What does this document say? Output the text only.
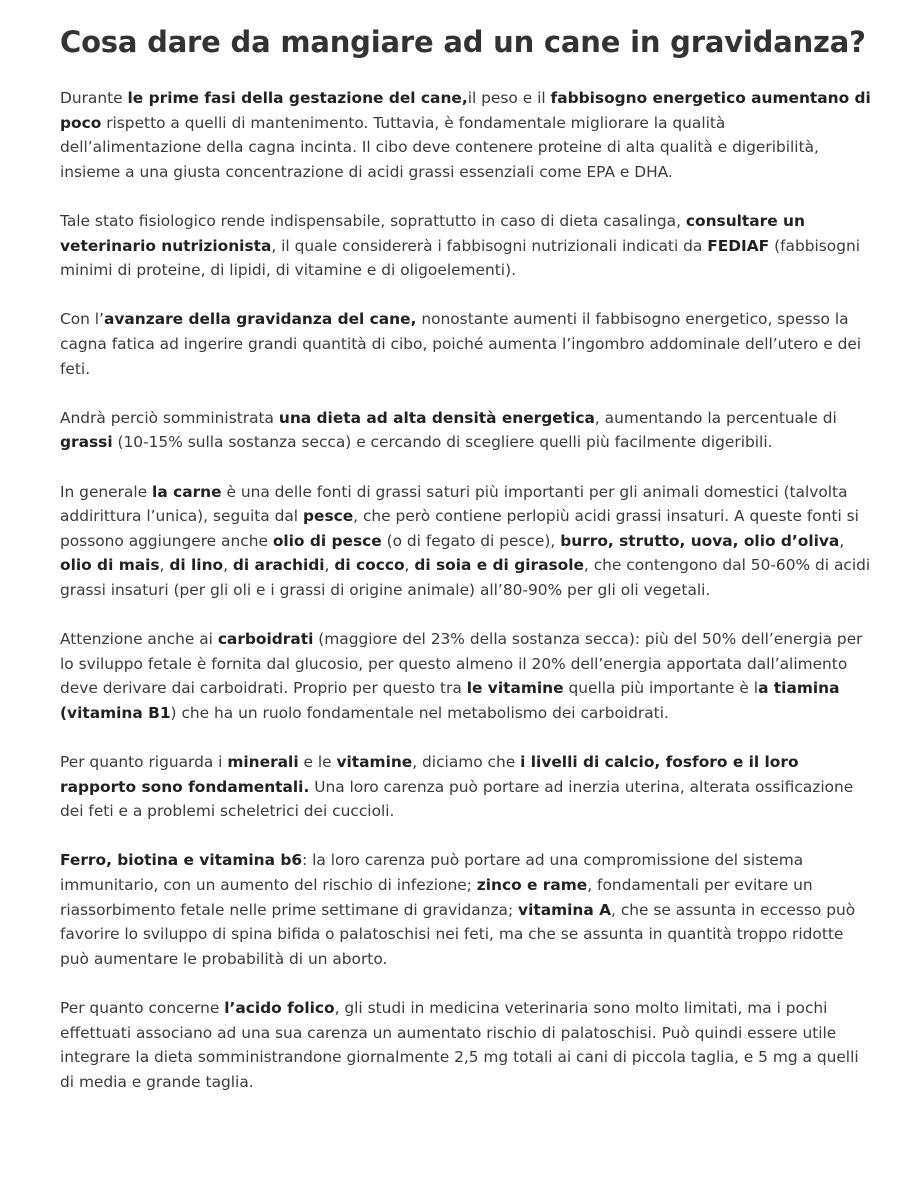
Cosa dare da mangiare ad un cane in gravidanza?

Durante le prime fasi della gestazione del cane,il peso e il fabbisogno energetico aumentano di poco rispetto a quelli di mantenimento. Tuttavia, è fondamentale migliorare la qualità dell’alimentazione della cagna incinta. Il cibo deve contenere proteine di alta qualità e digeribilità, insieme a una giusta concentrazione di acidi grassi essenziali come EPA e DHA.

Tale stato fisiologico rende indispensabile, soprattutto in caso di dieta casalinga, consultare un veterinario nutrizionista, il quale considererà i fabbisogni nutrizionali indicati da FEDIAF (fabbisogni minimi di proteine, di lipidi, di vitamine e di oligoelementi).

Con l’avanzare della gravidanza del cane, nonostante aumenti il fabbisogno energetico, spesso la cagna fatica ad ingerire grandi quantità di cibo, poiché aumenta l’ingombro addominale dell’utero e dei feti.

Andrà perciò somministrata una dieta ad alta densità energetica, aumentando la percentuale di grassi (10-15% sulla sostanza secca) e cercando di scegliere quelli più facilmente digeribili.

In generale la carne è una delle fonti di grassi saturi più importanti per gli animali domestici (talvolta addirittura l’unica), seguita dal pesce, che però contiene perlopiù acidi grassi insaturi. A queste fonti si possono aggiungere anche olio di pesce (o di fegato di pesce), burro, strutto, uova, olio d’oliva, olio di mais, di lino, di arachidi, di cocco, di soia e di girasole, che contengono dal 50-60% di acidi grassi insaturi (per gli oli e i grassi di origine animale) all’80-90% per gli oli vegetali.

Attenzione anche ai carboidrati (maggiore del 23% della sostanza secca): più del 50% dell’energia per lo sviluppo fetale è fornita dal glucosio, per questo almeno il 20% dell’energia apportata dall’alimento deve derivare dai carboidrati. Proprio per questo tra le vitamine quella più importante è la tiamina (vitamina B1) che ha un ruolo fondamentale nel metabolismo dei carboidrati.

Per quanto riguarda i minerali e le vitamine, diciamo che i livelli di calcio, fosforo e il loro rapporto sono fondamentali. Una loro carenza può portare ad inerzia uterina, alterata ossificazione dei feti e a problemi scheletrici dei cuccioli.

Ferro, biotina e vitamina b6: la loro carenza può portare ad una compromissione del sistema immunitario, con un aumento del rischio di infezione; zinco e rame, fondamentali per evitare un riassorbimento fetale nelle prime settimane di gravidanza; vitamina A, che se assunta in eccesso può favorire lo sviluppo di spina bifida o palatoschisi nei feti, ma che se assunta in quantità troppo ridotte può aumentare le probabilità di un aborto.

Per quanto concerne l’acido folico, gli studi in medicina veterinaria sono molto limitati, ma i pochi effettuati associano ad una sua carenza un aumentato rischio di palatoschisi. Può quindi essere utile integrare la dieta somministrandone giornalmente 2,5 mg totali ai cani di piccola taglia, e 5 mg a quelli di media e grande taglia.
